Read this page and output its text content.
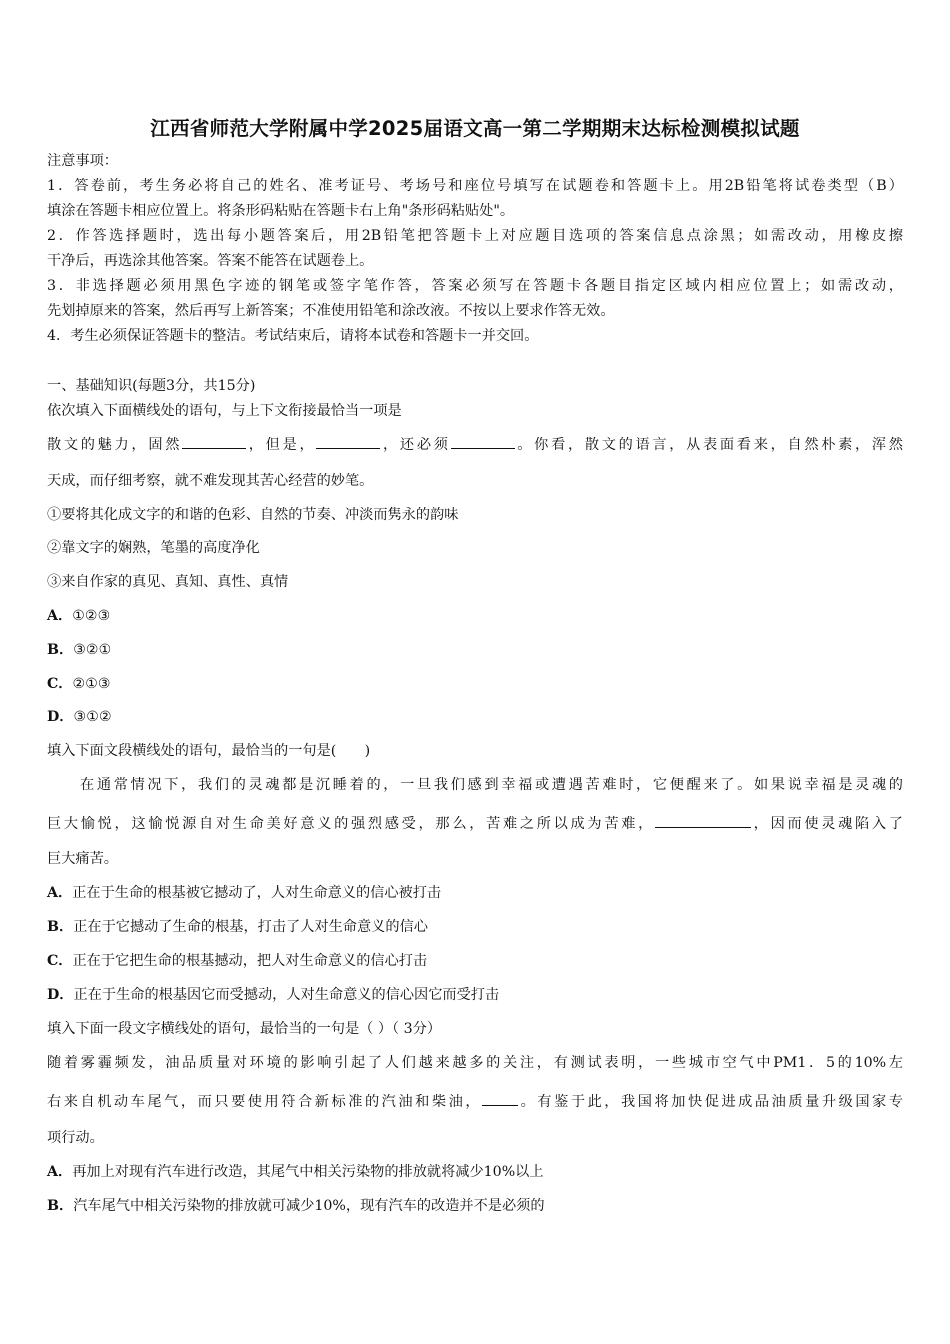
江西省师范大学附属中学2025届语文高一第二学期期末达标检测模拟试题
注意事项：
1．答卷前，考生务必将自己的姓名、准考证号、考场号和座位号填写在试题卷和答题卡上。用2B铅笔将试卷类型（B）
填涂在答题卡相应位置上。将条形码粘贴在答题卡右上角"条形码粘贴处"。
2．作答选择题时，选出每小题答案后，用2B铅笔把答题卡上对应题目选项的答案信息点涂黑；如需改动，用橡皮擦
干净后，再选涂其他答案。答案不能答在试题卷上。
3．非选择题必须用黑色字迹的钢笔或签字笔作答，答案必须写在答题卡各题目指定区域内相应位置上；如需改动，
先划掉原来的答案，然后再写上新答案；不准使用铅笔和涂改液。不按以上要求作答无效。
4．考生必须保证答题卡的整洁。考试结束后，请将本试卷和答题卡一并交回。
一、基础知识(每题3分，共15分)
依次填入下面横线处的语句，与上下文衔接最恰当一项是
散文的魅力，固然	，但是，	，还必须	。你看，散文的语言，从表面看来，自然朴素，浑然
天成，而仔细考察，就不难发现其苦心经营的妙笔。
①要将其化成文字的和谐的色彩、自然的节奏、冲淡而隽永的韵味
②靠文字的娴熟，笔墨的高度净化
③来自作家的真见、真知、真性、真情
A．①②③
B．③②①
C．②①③
D．③①②
填入下面文段横线处的语句，最恰当的一句是(　　)
在通常情况下，我们的灵魂都是沉睡着的，一旦我们感到幸福或遭遇苦难时，它便醒来了。如果说幸福是灵魂的
巨大愉悦，这愉悦源自对生命美好意义的强烈感受，那么，苦难之所以成为苦难，	，因而使灵魂陷入了
巨大痛苦。
A．正在于生命的根基被它撼动了，人对生命意义的信心被打击
B．正在于它撼动了生命的根基，打击了人对生命意义的信心
C．正在于它把生命的根基撼动，把人对生命意义的信心打击
D．正在于生命的根基因它而受撼动，人对生命意义的信心因它而受打击
填入下面一段文字横线处的语句，最恰当的一句是（ ）（ 3分）
随着雾霾频发，油品质量对环境的影响引起了人们越来越多的关注，有测试表明，一些城市空气中PM1．5的10%左
右来自机动车尾气，而只要使用符合新标准的汽油和柴油，	。有鉴于此，我国将加快促进成品油质量升级国家专
项行动。
A．再加上对现有汽车进行改造，其尾气中相关污染物的排放就将减少10%以上
B．汽车尾气中相关污染物的排放就可减少10%，现有汽车的改造并不是必须的
